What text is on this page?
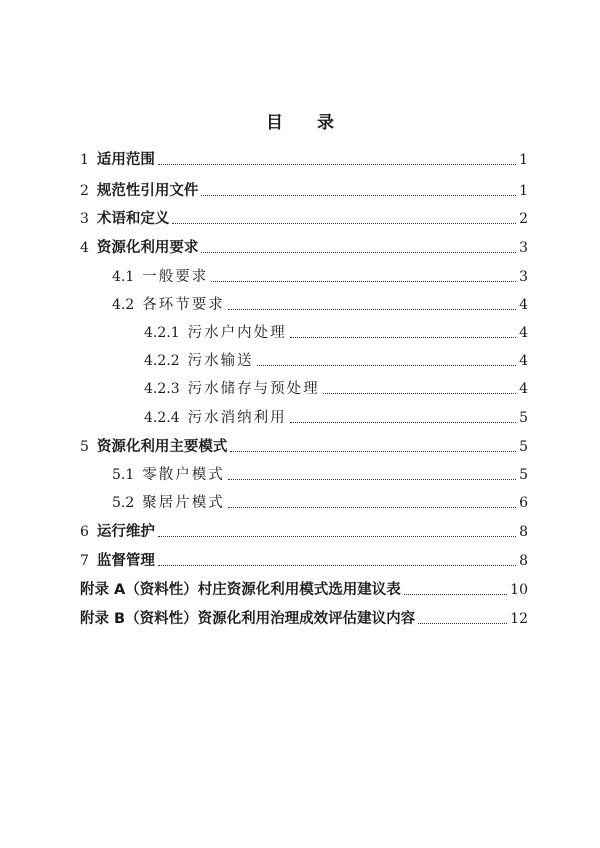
目 录
1 适用范围	1
2 规范性引用文件	1
3 术语和定义	2
4 资源化利用要求	3
4.1 一般要求	3
4.2 各环节要求	4
4.2.1 污水户内处理	4
4.2.2 污水输送	4
4.2.3 污水储存与预处理	4
4.2.4 污水消纳利用	5
5 资源化利用主要模式	5
5.1 零散户模式	5
5.2 聚居片模式	6
6 运行维护	8
7 监督管理	8
附录 A（资料性）村庄资源化利用模式选用建议表	10
附录 B（资料性）资源化利用治理成效评估建议内容	12
